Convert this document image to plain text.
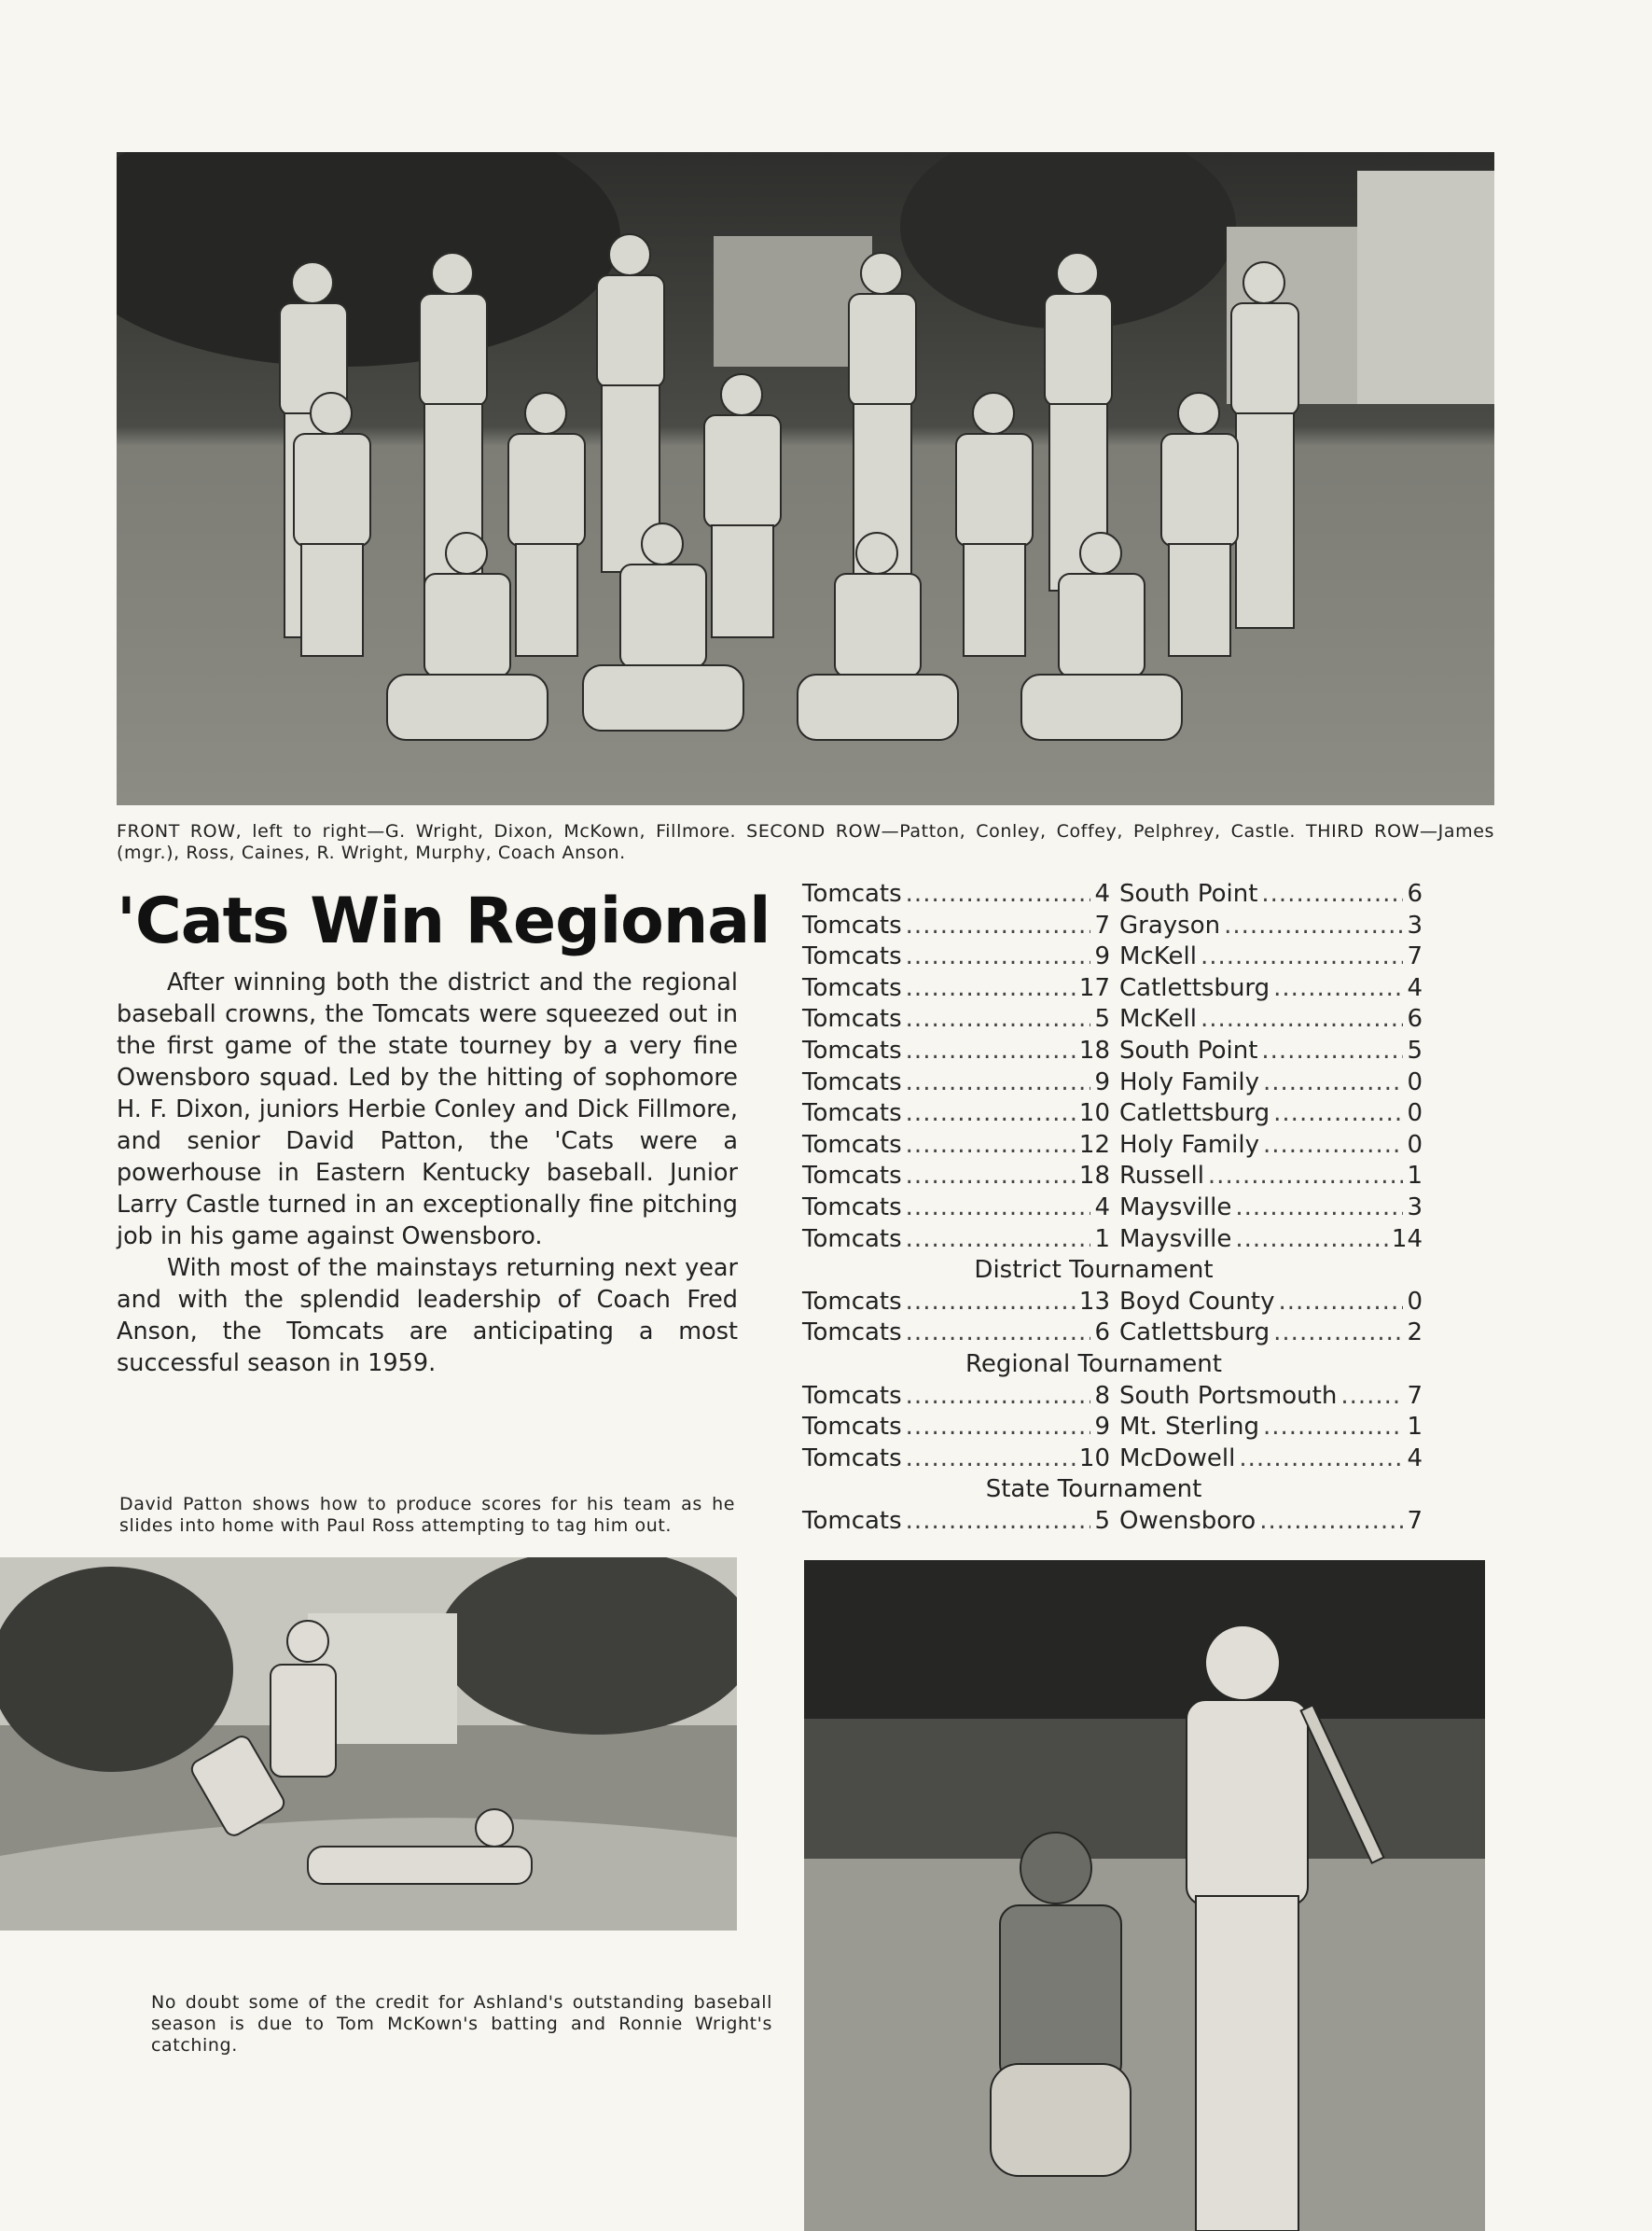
FRONT ROW, left to right—G. Wright, Dixon, McKown, Fillmore. SECOND ROW—Patton, Conley, Coffey, Pelphrey, Castle. THIRD ROW—James (mgr.), Ross, Caines, R. Wright, Murphy, Coach Anson.
'Cats Win Regional

After winning both the district and the regional baseball crowns, the Tomcats were squeezed out in the first game of the state tourney by a very fine Owensboro squad. Led by the hitting of sophomore H. F. Dixon, juniors Herbie Conley and Dick Fillmore, and senior David Patton, the 'Cats were a powerhouse in Eastern Kentucky baseball. Junior Larry Castle turned in an exceptionally fine pitching job in his game against Owensboro.

With most of the mainstays returning next year and with the splendid leadership of Coach Fred Anson, the Tomcats are anticipating a most successful season in 1959.

Tomcats .....	4 South Point .....	6
Tomcats .....	7 Grayson .....	3
Tomcats .....	9 McKell .....	7
Tomcats .....	17 Catlettsburg .....	4
Tomcats .....	5 McKell .....	6
Tomcats .....	18 South Point .....	5
Tomcats .....	9 Holy Family .....	0
Tomcats .....	10 Catlettsburg .....	0
Tomcats .....	12 Holy Family .....	0
Tomcats .....	18 Russell .....	1
Tomcats .....	4 Maysville .....	3
Tomcats .....	1 Maysville .....	14
District Tournament
Tomcats .....	13 Boyd County .....	0
Tomcats .....	6 Catlettsburg .....	2
Regional Tournament
Tomcats .....	8 South Portsmouth .....	7
Tomcats .....	9 Mt. Sterling .....	1
Tomcats .....	10 McDowell .....	4
State Tournament
Tomcats .....	5 Owensboro .....	7
David Patton shows how to produce scores for his team as he slides into home with Paul Ross attempting to tag him out.
No doubt some of the credit for Ashland's outstanding baseball season is due to Tom McKown's batting and Ronnie Wright's catching.
